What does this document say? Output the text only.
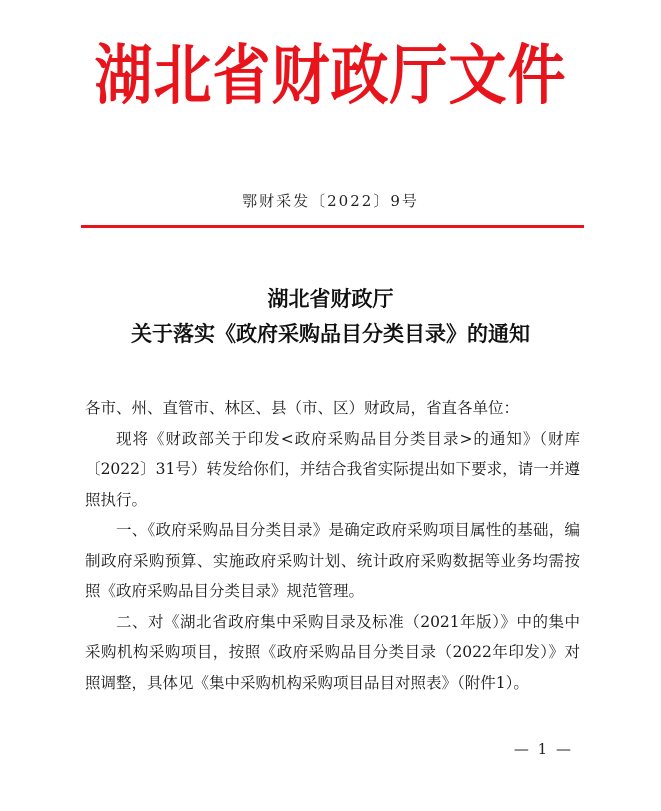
湖北省财政厅文件
鄂财采发〔2022〕9号
湖北省财政厅
关于落实《政府采购品目分类目录》的通知

各市、州、直管市、林区、县（市、区）财政局，省直各单位：

现将《财政部关于印发<政府采购品目分类目录>的通知》（财库〔2022〕31号）转发给你们，并结合我省实际提出如下要求，请一并遵照执行。

一、《政府采购品目分类目录》是确定政府采购项目属性的基础，编制政府采购预算、实施政府采购计划、统计政府采购数据等业务均需按照《政府采购品目分类目录》规范管理。

二、对《湖北省政府集中采购目录及标准（2021年版）》中的集中采购机构采购项目，按照《政府采购品目分类目录（2022年印发）》对照调整，具体见《集中采购机构采购项目品目对照表》（附件1）。

— 1 —
